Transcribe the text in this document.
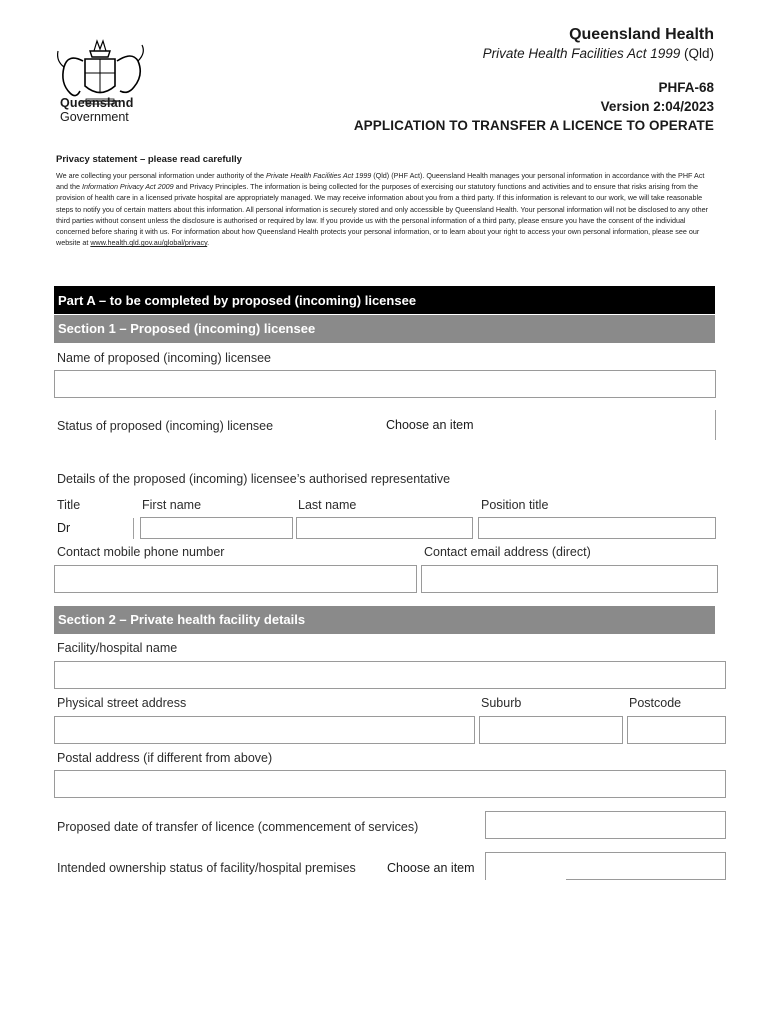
Queensland
Government
Queensland Health
Private Health Facilities Act 1999 (Qld)
PHFA-68
Version 2:04/2023
APPLICATION TO TRANSFER A LICENCE TO OPERATE
Privacy statement – please read carefully
We are collecting your personal information under authority of the Private Health Facilities Act 1999 (Qld) (PHF Act). Queensland Health manages your personal information in accordance with the PHF Act and the Information Privacy Act 2009 and Privacy Principles. The information is being collected for the purposes of exercising our statutory functions and activities and to ensure that risks arising from the provision of health care in a licensed private hospital are appropriately managed. We may receive information about you from a third party. If this information is relevant to our work, we will take reasonable steps to notify you of certain matters about this information. All personal information is securely stored and only accessible by Queensland Health. Your personal information will not be disclosed to any other third parties without consent unless the disclosure is authorised or required by law. If you provide us with the personal information of a third party, please ensure you have the consent of the individual concerned before sharing it with us. For information about how Queensland Health protects your personal information, or to learn about your right to access your own personal information, please see our website at www.health.qld.gov.au/global/privacy.
Part A – to be completed by proposed (incoming) licensee
Section 1 – Proposed (incoming) licensee
Name of proposed (incoming) licensee
Status of proposed (incoming) licensee	Choose an item
Details of the proposed (incoming) licensee’s authorised representative
Title	First name	Last name	Position title
Dr
Contact mobile phone number	Contact email address (direct)
Section 2 – Private health facility details
Facility/hospital name
Physical street address	Suburb	Postcode
Postal address (if different from above)
Proposed date of transfer of licence (commencement of services)
Intended ownership status of facility/hospital premises Choose an item
